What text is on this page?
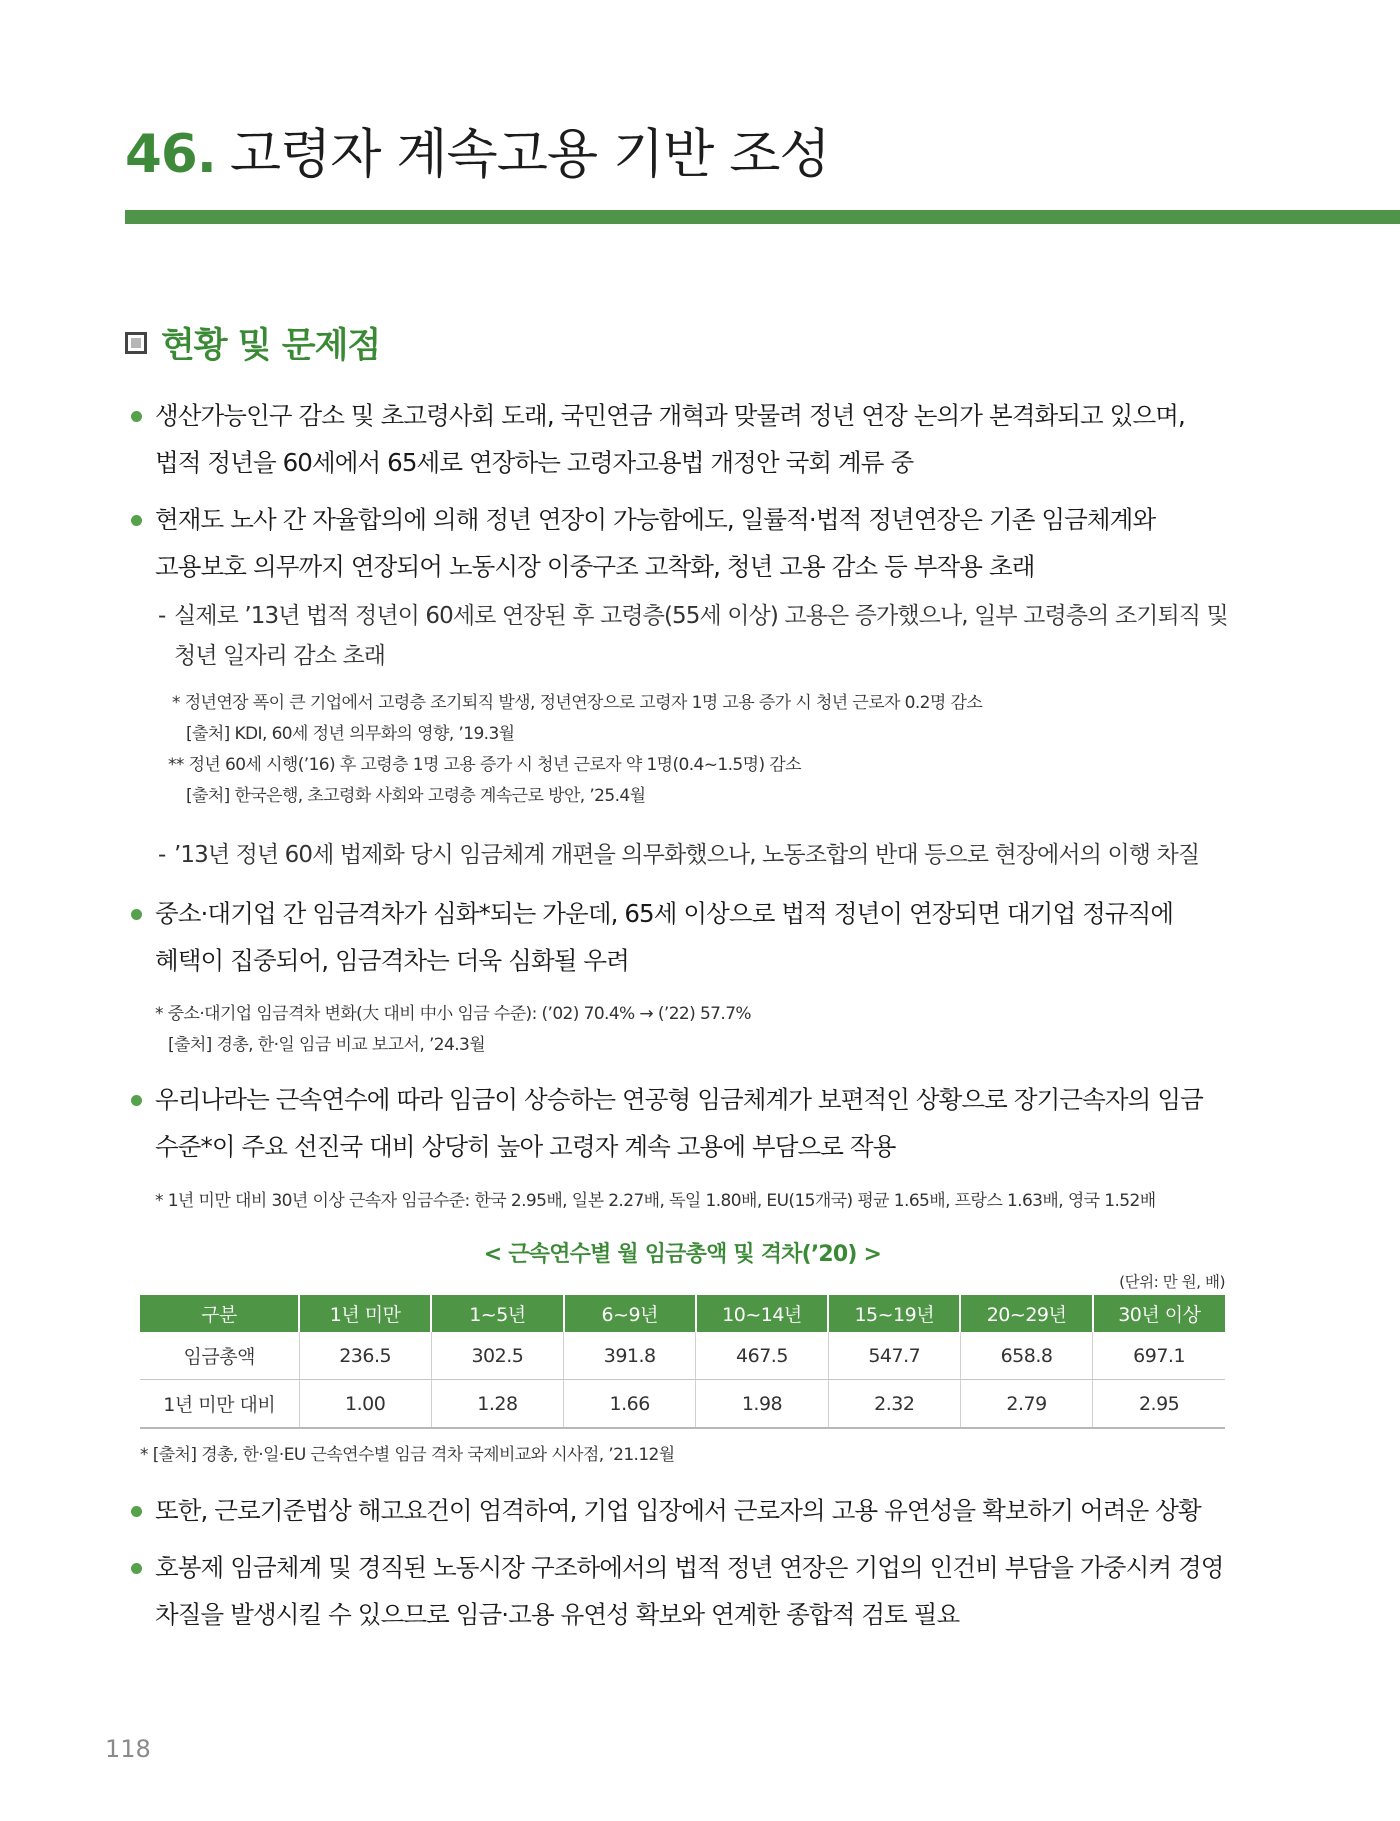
46. 고령자 계속고용 기반 조성
현황 및 문제점
생산가능인구 감소 및 초고령사회 도래, 국민연금 개혁과 맞물려 정년 연장 논의가 본격화되고 있으며,
법적 정년을 60세에서 65세로 연장하는 고령자고용법 개정안 국회 계류 중
현재도 노사 간 자율합의에 의해 정년 연장이 가능함에도, 일률적·법적 정년연장은 기존 임금체계와
고용보호 의무까지 연장되어 노동시장 이중구조 고착화, 청년 고용 감소 등 부작용 초래
- 실제로 ’13년 법적 정년이 60세로 연장된 후 고령층(55세 이상) 고용은 증가했으나, 일부 고령층의 조기퇴직 및
청년 일자리 감소 초래
* 정년연장 폭이 큰 기업에서 고령층 조기퇴직 발생, 정년연장으로 고령자 1명 고용 증가 시 청년 근로자 0.2명 감소
[출처] KDI, 60세 정년 의무화의 영향, ’19.3월
** 정년 60세 시행(’16) 후 고령층 1명 고용 증가 시 청년 근로자 약 1명(0.4~1.5명) 감소
[출처] 한국은행, 초고령화 사회와 고령층 계속근로 방안, ’25.4월
- ’13년 정년 60세 법제화 당시 임금체계 개편을 의무화했으나, 노동조합의 반대 등으로 현장에서의 이행 차질
중소·대기업 간 임금격차가 심화*되는 가운데, 65세 이상으로 법적 정년이 연장되면 대기업 정규직에
혜택이 집중되어, 임금격차는 더욱 심화될 우려
* 중소·대기업 임금격차 변화(大 대비 中小 임금 수준): (’02) 70.4% → (’22) 57.7%
[출처] 경총, 한·일 임금 비교 보고서, ’24.3월
우리나라는 근속연수에 따라 임금이 상승하는 연공형 임금체계가 보편적인 상황으로 장기근속자의 임금
수준*이 주요 선진국 대비 상당히 높아 고령자 계속 고용에 부담으로 작용
* 1년 미만 대비 30년 이상 근속자 임금수준: 한국 2.95배, 일본 2.27배, 독일 1.80배, EU(15개국) 평균 1.65배, 프랑스 1.63배, 영국 1.52배
< 근속연수별 월 임금총액 및 격차(’20) >
(단위: 만 원, 배)
구분	1년 미만	1~5년	6~9년	10~14년	15~19년	20~29년	30년 이상
임금총액	236.5	302.5	391.8	467.5	547.7	658.8	697.1
1년 미만 대비	1.00	1.28	1.66	1.98	2.32	2.79	2.95
* [출처] 경총, 한·일·EU 근속연수별 임금 격차 국제비교와 시사점, ’21.12월
또한, 근로기준법상 해고요건이 엄격하여, 기업 입장에서 근로자의 고용 유연성을 확보하기 어려운 상황
호봉제 임금체계 및 경직된 노동시장 구조하에서의 법적 정년 연장은 기업의 인건비 부담을 가중시켜 경영
차질을 발생시킬 수 있으므로 임금·고용 유연성 확보와 연계한 종합적 검토 필요
118
